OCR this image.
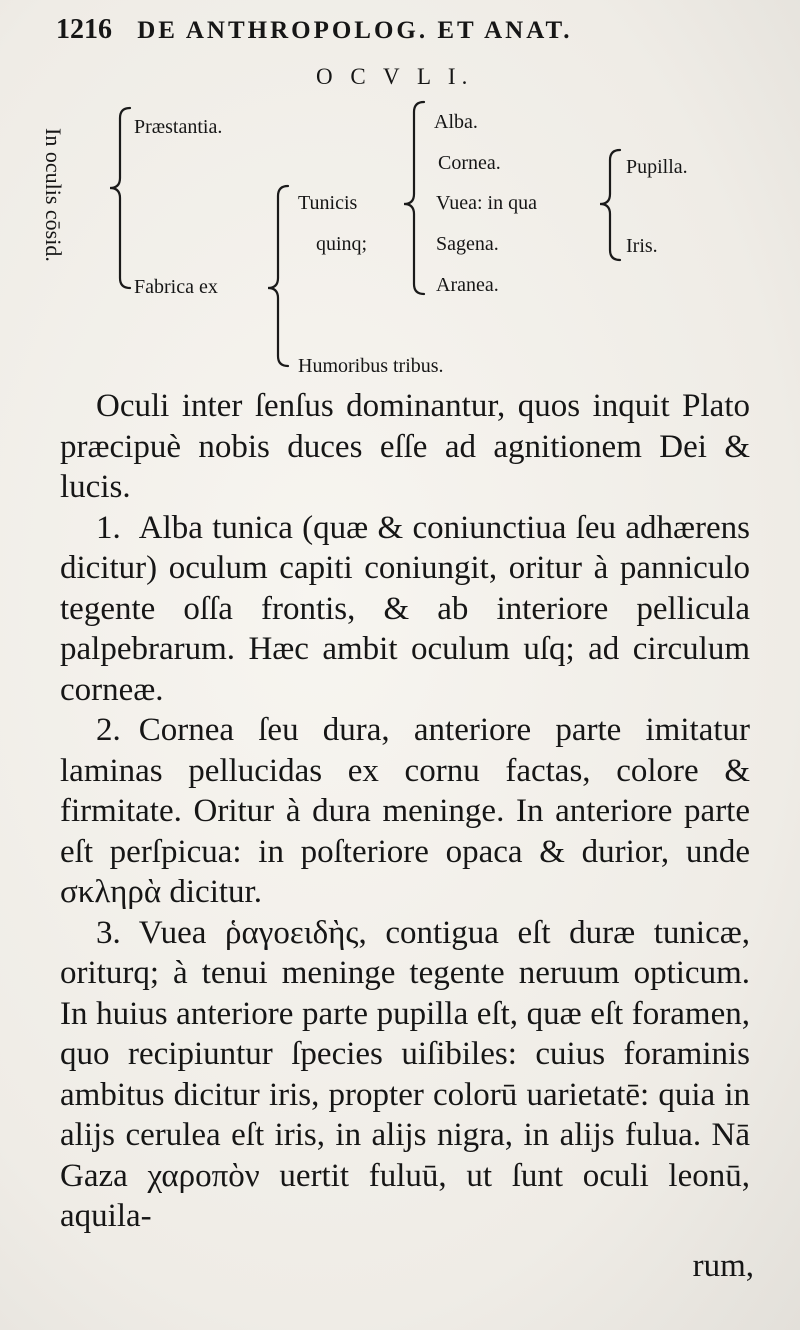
1216 DE ANTHROPOLOG. ET ANAT.
O C V L I.
In oculis cōsid.
Præstantia.
Fabrica ex
Tunicis
quinq;
Humoribus tribus.
Alba.
Cornea.
Vuea: in qua
Sagena.
Aranea.
Pupilla.
Iris.

Oculi inter ſenſus dominantur, quos inquit Plato præcipuè nobis duces eſſe ad agnitionem Dei & lucis.

1. Alba tunica (quæ & coniunctiua ſeu adhærens dicitur) oculum capiti coniungit, oritur à panniculo tegente oſſa frontis, & ab interiore pellicula palpebrarum. Hæc ambit oculum uſq; ad circulum corneæ.

2. Cornea ſeu dura, anteriore parte imitatur laminas pellucidas ex cornu factas, colore & firmitate. Oritur à dura meninge. In anteriore parte eſt perſpicua: in poſteriore opaca & durior, unde σκληρὰ dicitur.

3. Vuea ῥαγοειδὴς, contigua eſt duræ tunicæ, oriturq; à tenui meninge tegente neruum opticum. In huius anteriore parte pupilla eſt, quæ eſt foramen, quo recipiuntur ſpecies uiſibiles: cuius foraminis ambitus dicitur iris, propter colorū uarietatē: quia in alijs cerulea eſt iris, in alijs nigra, in alijs fulua. Nā Gaza χαροπὸν uertit fuluū, ut ſunt oculi leonū, aquila-

rum,
